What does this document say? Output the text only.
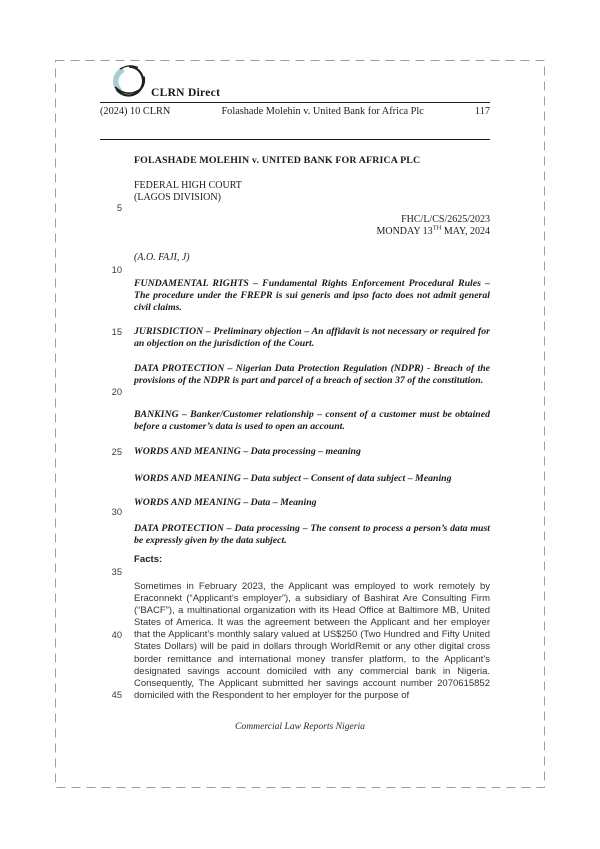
CLRN Direct
(2024) 10 CLRN	Folashade Molehin v. United Bank for Africa Plc	117
5
10
15
20
25
30
35
40
45
FOLASHADE MOLEHIN v. UNITED BANK FOR AFRICA PLC
FEDERAL HIGH COURT
(LAGOS DIVISION)
FHC/L/CS/2625/2023
MONDAY 13TH MAY, 2024
(A.O. FAJI, J)
FUNDAMENTAL RIGHTS – Fundamental Rights Enforcement Procedural Rules – The procedure under the FREPR is sui generis and ipso facto does not admit general civil claims.
JURISDICTION – Preliminary objection – An affidavit is not necessary or required for an objection on the jurisdiction of the Court.
DATA PROTECTION – Nigerian Data Protection Regulation (NDPR) - Breach of the provisions of the NDPR is part and parcel of a breach of section 37 of the constitution.
BANKING – Banker/Customer relationship – consent of a customer must be obtained before a customer’s data is used to open an account.
WORDS AND MEANING – Data processing – meaning
WORDS AND MEANING – Data subject – Consent of data subject – Meaning
WORDS AND MEANING – Data – Meaning
DATA PROTECTION – Data processing – The consent to process a person’s data must be expressly given by the data subject.
Facts:
Sometimes in February 2023, the Applicant was employed to work remotely by Eraconnekt (“Applicant’s employer”), a subsidiary of Bashirat Are Consulting Firm (“BACF”), a multinational organization with its Head Office at Baltimore MB, United States of America. It was the agreement between the Applicant and her employer that the Applicant’s monthly salary valued at US$250 (Two Hundred and Fifty United States Dollars) will be paid in dollars through WorldRemit or any other digital cross border remittance and international money transfer platform, to the Applicant’s designated savings account domiciled with any commercial bank in Nigeria. Consequently, The Applicant submitted her savings account number 2070615852 domiciled with the Respondent to her employer for the purpose of
Commercial Law Reports Nigeria
